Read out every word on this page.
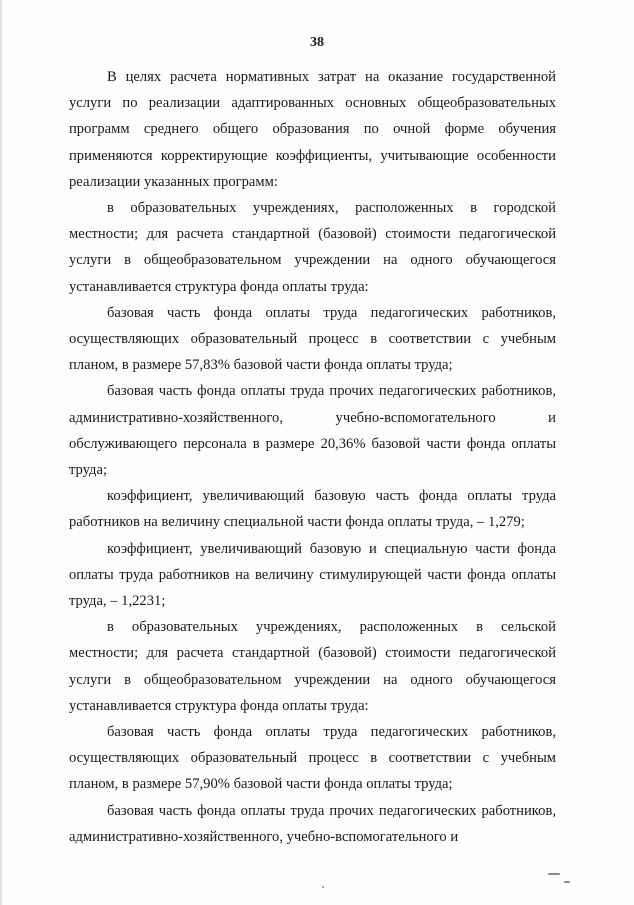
38

В целях расчета нормативных затрат на оказание государственной услуги по реализации адаптированных основных общеобразовательных программ среднего общего образования по очной форме обучения применяются корректирующие коэффициенты, учитывающие особенности реализации указанных программ:

в образовательных учреждениях, расположенных в городской местности; для расчета стандартной (базовой) стоимости педагогической услуги в общеобразовательном учреждении на одного обучающегося устанавливается структура фонда оплаты труда:

базовая часть фонда оплаты труда педагогических работников, осуществляющих образовательный процесс в соответствии с учебным планом, в размере 57,83% базовой части фонда оплаты труда;

базовая часть фонда оплаты труда прочих педагогических работников, административно-хозяйственного, учебно-вспомогательного и обслуживающего персонала в размере 20,36% базовой части фонда оплаты труда;

коэффициент, увеличивающий базовую часть фонда оплаты труда работников на величину специальной части фонда оплаты труда, – 1,279;

коэффициент, увеличивающий базовую и специальную части фонда оплаты труда работников на величину стимулирующей части фонда оплаты труда, – 1,2231;

в образовательных учреждениях, расположенных в сельской местности; для расчета стандартной (базовой) стоимости педагогической услуги в общеобразовательном учреждении на одного обучающегося устанавливается структура фонда оплаты труда:

базовая часть фонда оплаты труда педагогических работников, осуществляющих образовательный процесс в соответствии с учебным планом, в размере 57,90% базовой части фонда оплаты труда;

базовая часть фонда оплаты труда прочих педагогических работников, административно-хозяйственного, учебно-вспомогательного и
